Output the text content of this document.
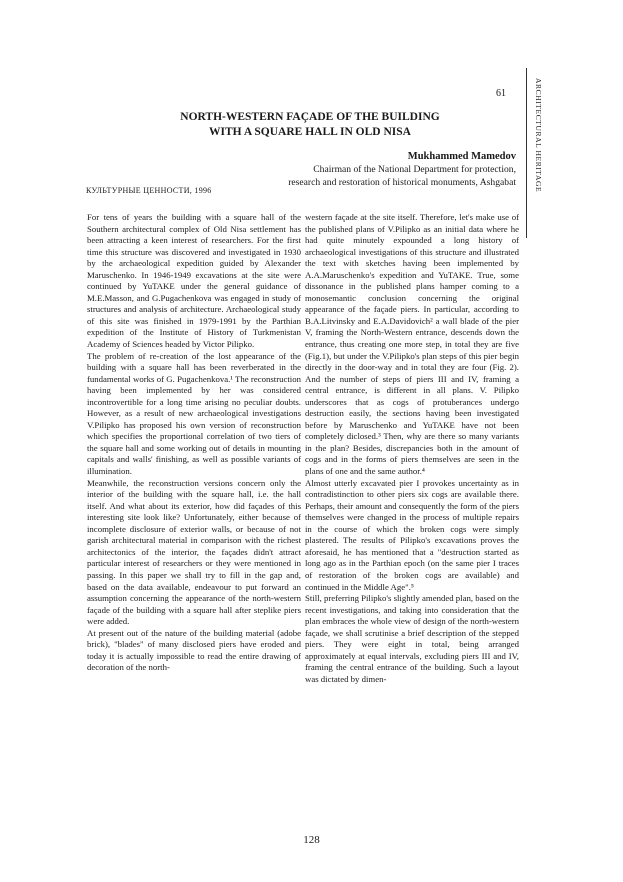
61	ARCHITECTURAL HERITAGE
NORTH-WESTERN FAÇADE OF THE BUILDING
WITH A SQUARE HALL IN OLD NISA
Mukhammed Mamedov
Chairman of the National Department for protection,
research and restoration of historical monuments, Ashgabat
КУЛЬТУРНЫЕ ЦЕННОСТИ, 1996

For tens of years the building with a square hall of the Southern architectural complex of Old Nisa settlement has been attracting a keen interest of researchers. For the first time this structure was discovered and investigated in 1930 by the archaeological expedition guided by Alexander Maruschenko. In 1946-1949 excavations at the site were continued by YuTAKE under the general guidance of M.E.Masson, and G.Pugachenkova was engaged in study of structures and analysis of architecture. Archaeological study of this site was finished in 1979-1991 by the Parthian expedition of the Institute of History of Turkmenistan Academy of Sciences headed by Victor Pilipko.

The problem of re-creation of the lost appearance of the building with a square hall has been reverberated in the fundamental works of G. Pugachenkova.¹ The reconstruction having been implemented by her was considered incontrovertible for a long time arising no peculiar doubts. However, as a result of new archaeological investigations V.Pilipko has proposed his own version of reconstruction which specifies the proportional correlation of two tiers of the square hall and some working out of details in mounting capitals and walls' finishing, as well as possible variants of illumination.

Meanwhile, the reconstruction versions concern only the interior of the building with the square hall, i.e. the hall itself. And what about its exterior, how did façades of this interesting site look like? Unfortunately, either because of incomplete disclosure of exterior walls, or because of not garish architectural material in comparison with the richest architectonics of the interior, the façades didn't attract particular interest of researchers or they were mentioned in passing. In this paper we shall try to fill in the gap and, based on the data available, endeavour to put forward an assumption concerning the appearance of the north-western façade of the building with a square hall after steplike piers were added.

At present out of the nature of the building material (adobe brick), "blades" of many disclosed piers have eroded and today it is actually impossible to read the entire drawing of decoration of the north-

western façade at the site itself. Therefore, let's make use of the published plans of V.Pilipko as an initial data where he had quite minutely expounded a long history of archaeological investigations of this structure and illustrated the text with sketches having been implemented by A.A.Maruschenko's expedition and YuTAKE. True, some dissonance in the published plans hamper coming to a monosemantic conclusion concerning the original appearance of the façade piers. In particular, according to B.A.Litvinsky and E.A.Davidovich² a wall blade of the pier V, framing the North-Western entrance, descends down the entrance, thus creating one more step, in total they are five (Fig.1), but under the V.Pilipko's plan steps of this pier begin directly in the door-way and in total they are four (Fig. 2). And the number of steps of piers III and IV, framing a central entrance, is different in all plans. V. Pilipko underscores that as cogs of protuberances undergo destruction easily, the sections having been investigated before by Maruschenko and YuTAKE have not been completely diclosed.³ Then, why are there so many variants in the plan? Besides, discrepancies both in the amount of cogs and in the forms of piers themselves are seen in the plans of one and the same author.⁴

Almost utterly excavated pier I provokes uncertainty as in contradistinction to other piers six cogs are available there. Perhaps, their amount and consequently the form of the piers themselves were changed in the process of multiple repairs in the course of which the broken cogs were simply plastered. The results of Pilipko's excavations proves the aforesaid, he has mentioned that a "destruction started as long ago as in the Parthian epoch (on the same pier I traces of restoration of the broken cogs are available) and continued in the Middle Age".⁵

Still, preferring Pilipko's slightly amended plan, based on the recent investigations, and taking into consideration that the plan embraces the whole view of design of the north-western façade, we shall scrutinise a brief description of the stepped piers. They were eight in total, being arranged approximately at equal intervals, excluding piers III and IV, framing the central entrance of the building. Such a layout was dictated by dimen-

128
